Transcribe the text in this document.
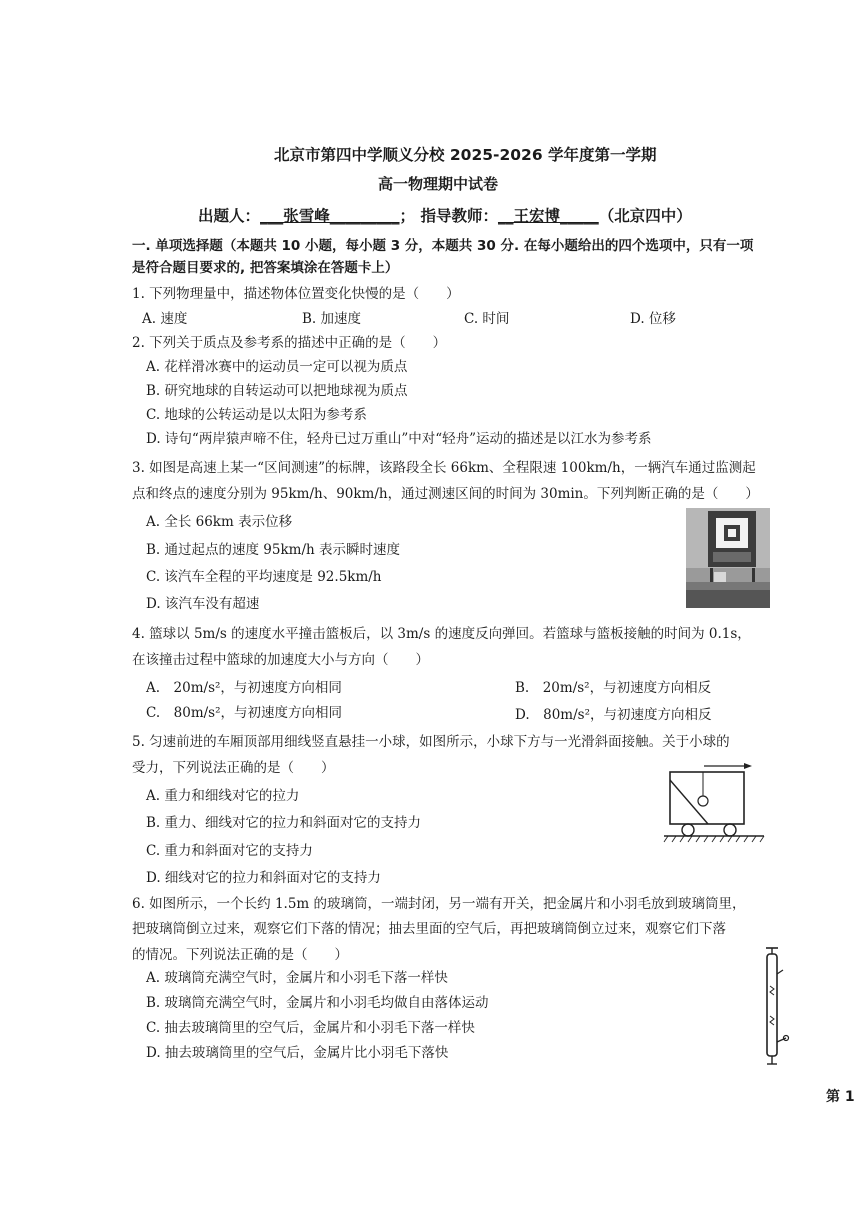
北京市第四中学顺义分校 2025-2026 学年度第一学期
高一物理期中试卷
出题人：___张雪峰_________； 指导教师：__王宏博_____（北京四中）
一. 单项选择题（本题共 10 小题，每小题 3 分，本题共 30 分. 在每小题给出的四个选项中，只有一项
是符合题目要求的, 把答案填涂在答题卡上）
1. 下列物理量中，描述物体位置变化快慢的是（　　）
A. 速度	B. 加速度	C. 时间	D. 位移
2. 下列关于质点及参考系的描述中正确的是（　　）
A. 花样滑冰赛中的运动员一定可以视为质点
B. 研究地球的自转运动可以把地球视为质点
C. 地球的公转运动是以太阳为参考系
D. 诗句“两岸猿声啼不住，轻舟已过万重山”中对“轻舟”运动的描述是以江水为参考系
3. 如图是高速上某一“区间测速”的标牌，该路段全长 66km、全程限速 100km/h，一辆汽车通过监测起
点和终点的速度分别为 95km/h、90km/h，通过测速区间的时间为 30min。下列判断正确的是（　　）
A. 全长 66km 表示位移
B. 通过起点的速度 95km/h 表示瞬时速度
C. 该汽车全程的平均速度是 92.5km/h
D. 该汽车没有超速
4. 篮球以 5m/s 的速度水平撞击篮板后，以 3m/s 的速度反向弹回。若篮球与篮板接触的时间为 0.1s，
在该撞击过程中篮球的加速度大小与方向（　　）
A.　20m/s²，与初速度方向相同	B.　20m/s²，与初速度方向相反
C.　80m/s²，与初速度方向相同	D.　80m/s²，与初速度方向相反
5. 匀速前进的车厢顶部用细线竖直悬挂一小球，如图所示，小球下方与一光滑斜面接触。关于小球的
受力，下列说法正确的是（　　）
A. 重力和细线对它的拉力
B. 重力、细线对它的拉力和斜面对它的支持力
C. 重力和斜面对它的支持力
D. 细线对它的拉力和斜面对它的支持力
6. 如图所示，一个长约 1.5m 的玻璃筒，一端封闭，另一端有开关，把金属片和小羽毛放到玻璃筒里，
把玻璃筒倒立过来，观察它们下落的情况；抽去里面的空气后，再把玻璃筒倒立过来，观察它们下落
的情况。下列说法正确的是（　　）
A. 玻璃筒充满空气时，金属片和小羽毛下落一样快
B. 玻璃筒充满空气时，金属片和小羽毛均做自由落体运动
C. 抽去玻璃筒里的空气后，金属片和小羽毛下落一样快
D. 抽去玻璃筒里的空气后，金属片比小羽毛下落快
第 1
